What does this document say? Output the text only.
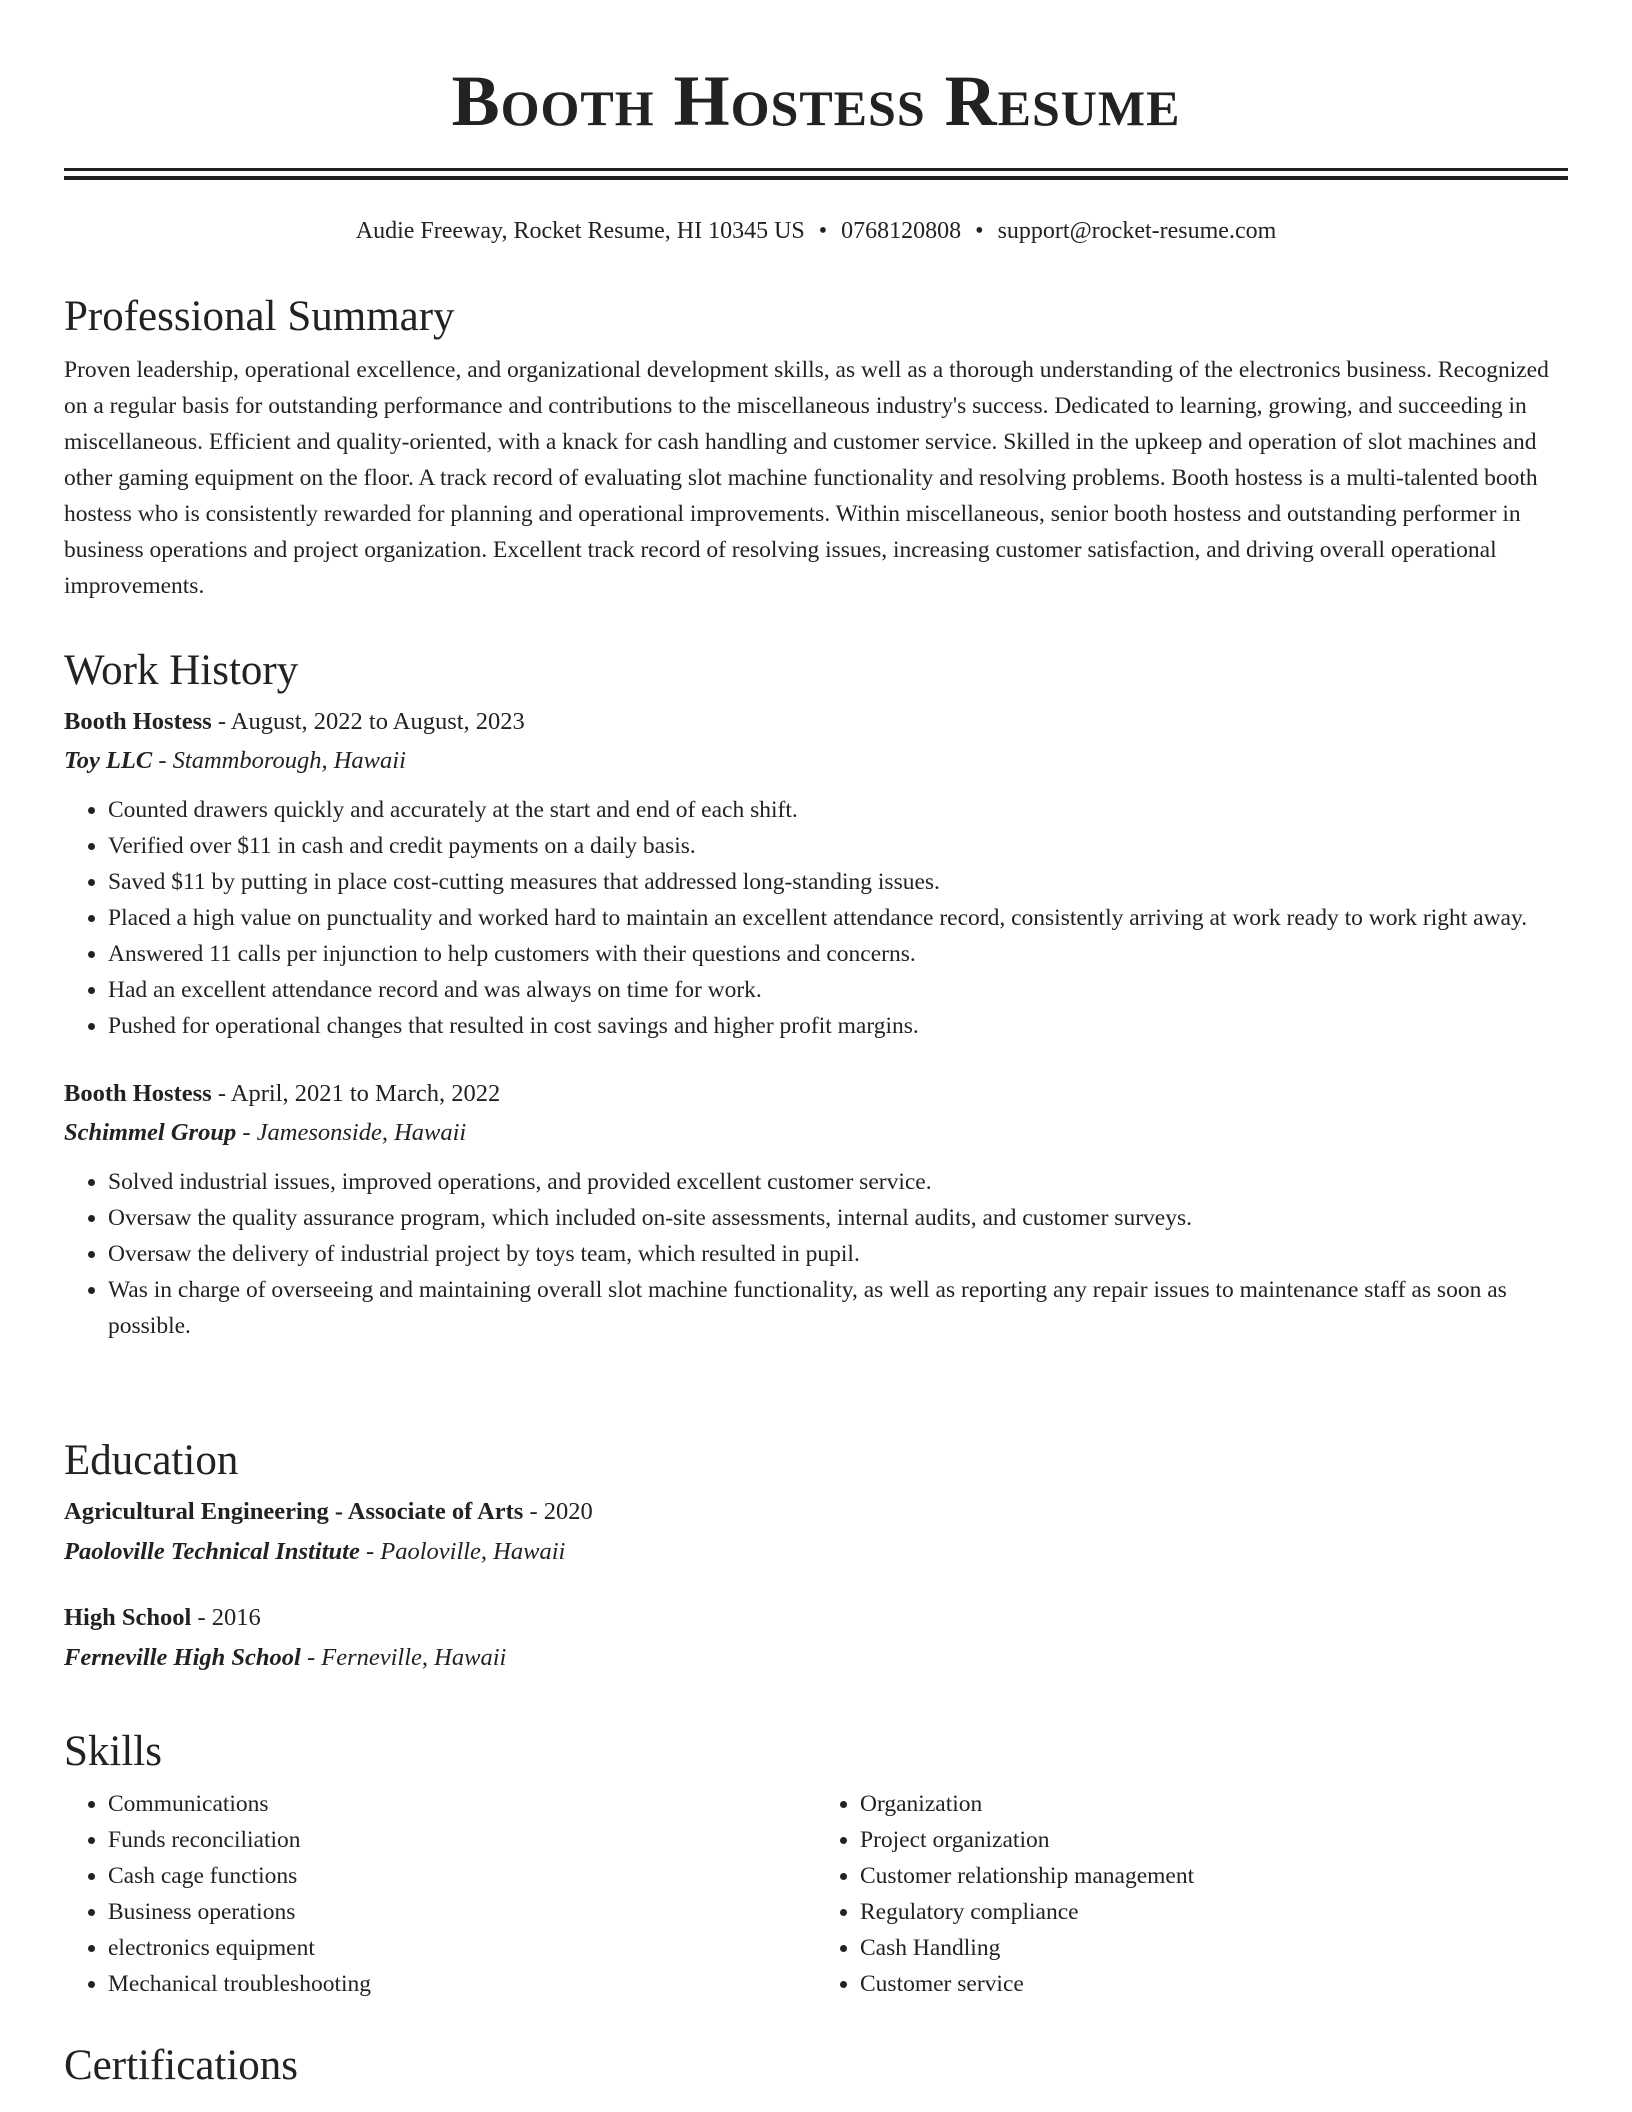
Booth Hostess Resume
Audie Freeway, Rocket Resume, HI 10345 US • 0768120808 • support@rocket-resume.com
Professional Summary

Proven leadership, operational excellence, and organizational development skills, as well as a thorough understanding of the electronics business. Recognized on a regular basis for outstanding performance and contributions to the miscellaneous industry's success. Dedicated to learning, growing, and succeeding in miscellaneous. Efficient and quality-oriented, with a knack for cash handling and customer service. Skilled in the upkeep and operation of slot machines and other gaming equipment on the floor. A track record of evaluating slot machine functionality and resolving problems. Booth hostess is a multi-talented booth hostess who is consistently rewarded for planning and operational improvements. Within miscellaneous, senior booth hostess and outstanding performer in business operations and project organization. Excellent track record of resolving issues, increasing customer satisfaction, and driving overall operational improvements.

Work History
Booth Hostess - August, 2022 to August, 2023
Toy LLC - Stammborough, Hawaii
• Counted drawers quickly and accurately at the start and end of each shift.
• Verified over $11 in cash and credit payments on a daily basis.
• Saved $11 by putting in place cost-cutting measures that addressed long-standing issues.
• Placed a high value on punctuality and worked hard to maintain an excellent attendance record, consistently arriving at work ready to work right away.
• Answered 11 calls per injunction to help customers with their questions and concerns.
• Had an excellent attendance record and was always on time for work.
• Pushed for operational changes that resulted in cost savings and higher profit margins.
Booth Hostess - April, 2021 to March, 2022
Schimmel Group - Jamesonside, Hawaii
• Solved industrial issues, improved operations, and provided excellent customer service.
• Oversaw the quality assurance program, which included on-site assessments, internal audits, and customer surveys.
• Oversaw the delivery of industrial project by toys team, which resulted in pupil.
• Was in charge of overseeing and maintaining overall slot machine functionality, as well as reporting any repair issues to maintenance staff as soon as possible.
Education
Agricultural Engineering - Associate of Arts - 2020
Paoloville Technical Institute - Paoloville, Hawaii
High School - 2016
Ferneville High School - Ferneville, Hawaii
Skills
• Communications
• Funds reconciliation
• Cash cage functions
• Business operations
• electronics equipment
• Mechanical troubleshooting
• Organization
• Project organization
• Customer relationship management
• Regulatory compliance
• Cash Handling
• Customer service
Certifications
